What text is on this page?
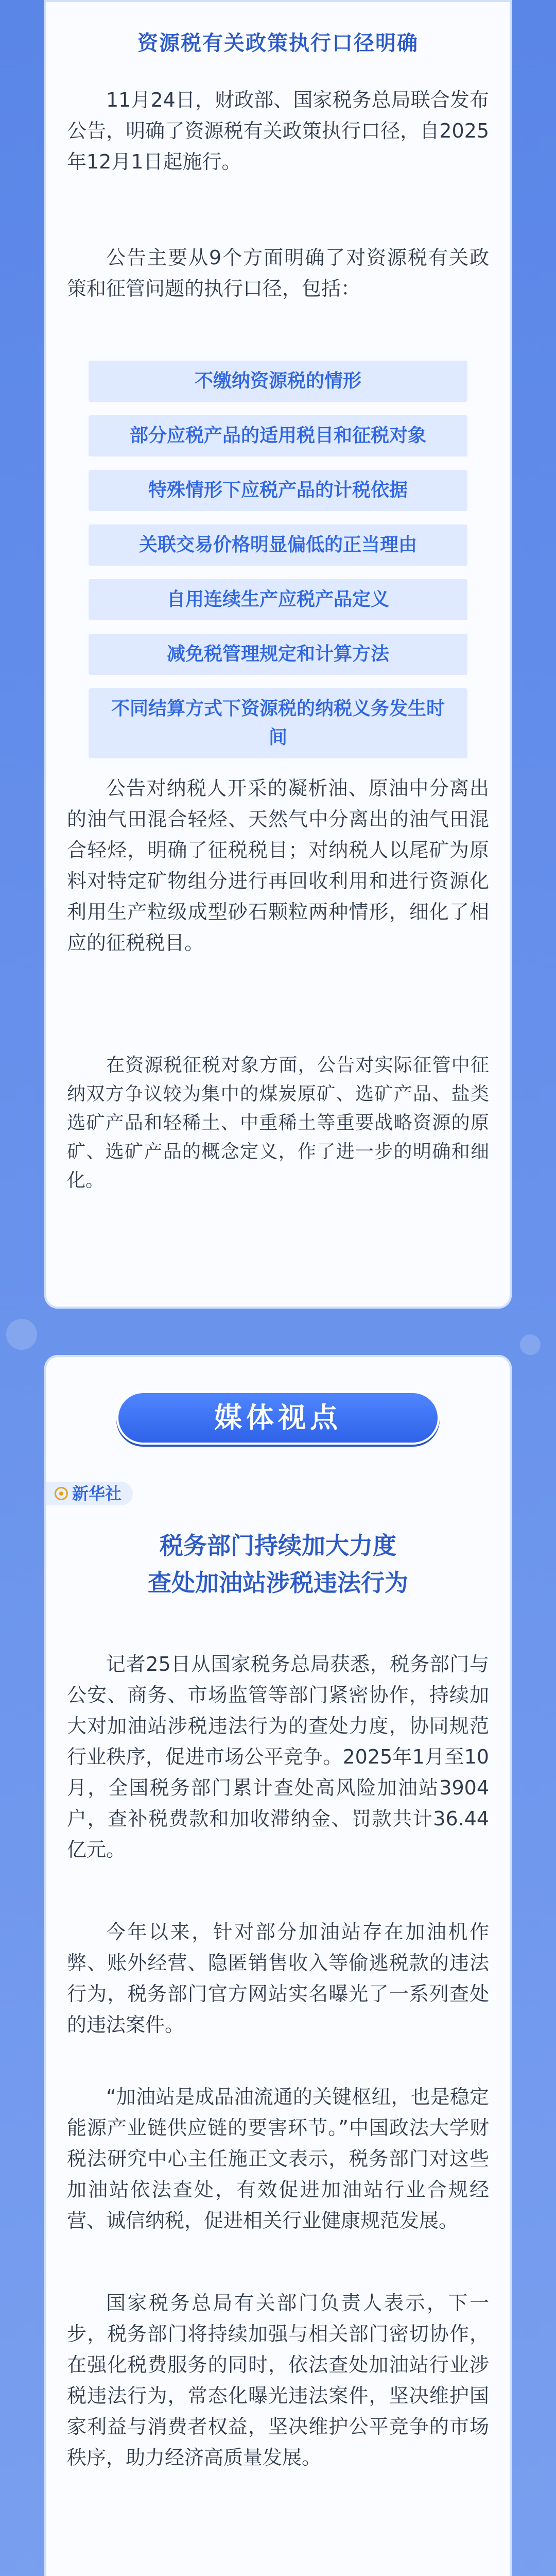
资源税有关政策执行口径明确

11月24日，财政部、国家税务总局联合发布公告，明确了资源税有关政策执行口径，自2025年12月1日起施行。

公告主要从9个方面明确了对资源税有关政策和征管问题的执行口径，包括：

不缴纳资源税的情形
部分应税产品的适用税目和征税对象
特殊情形下应税产品的计税依据
关联交易价格明显偏低的正当理由
自用连续生产应税产品定义
减免税管理规定和计算方法
不同结算方式下资源税的纳税义务发生时间

公告对纳税人开采的凝析油、原油中分离出的油气田混合轻烃、天然气中分离出的油气田混合轻烃，明确了征税税目；对纳税人以尾矿为原料对特定矿物组分进行再回收利用和进行资源化利用生产粒级成型砂石颗粒两种情形，细化了相应的征税税目。

在资源税征税对象方面，公告对实际征管中征纳双方争议较为集中的煤炭原矿、选矿产品、盐类选矿产品和轻稀土、中重稀土等重要战略资源的原矿、选矿产品的概念定义，作了进一步的明确和细化。

媒体视点
新华社
税务部门持续加大力度
查处加油站涉税违法行为

记者25日从国家税务总局获悉，税务部门与公安、商务、市场监管等部门紧密协作，持续加大对加油站涉税违法行为的查处力度，协同规范行业秩序，促进市场公平竞争。2025年1月至10月，全国税务部门累计查处高风险加油站3904户，查补税费款和加收滞纳金、罚款共计36.44亿元。

今年以来，针对部分加油站存在加油机作弊、账外经营、隐匿销售收入等偷逃税款的违法行为，税务部门官方网站实名曝光了一系列查处的违法案件。

“加油站是成品油流通的关键枢纽，也是稳定能源产业链供应链的要害环节。”中国政法大学财税法研究中心主任施正文表示，税务部门对这些加油站依法查处，有效促进加油站行业合规经营、诚信纳税，促进相关行业健康规范发展。

国家税务总局有关部门负责人表示，下一步，税务部门将持续加强与相关部门密切协作，在强化税费服务的同时，依法查处加油站行业涉税违法行为，常态化曝光违法案件，坚决维护国家利益与消费者权益，坚决维护公平竞争的市场秩序，助力经济高质量发展。
